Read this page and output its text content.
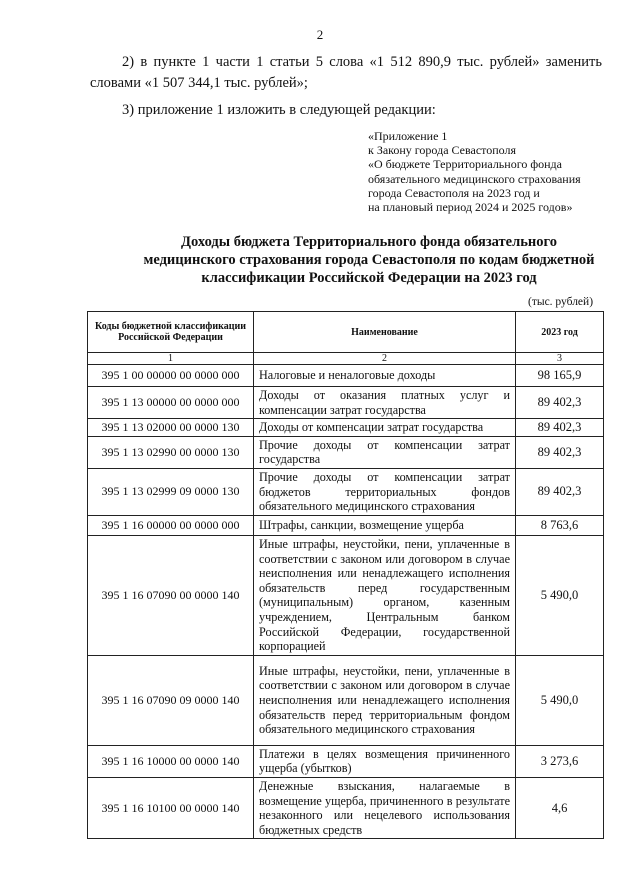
2
2) в пункте 1 части 1 статьи 5 слова «1 512 890,9 тыс. рублей» заменить словами «1 507 344,1 тыс. рублей»;
3) приложение 1 изложить в следующей редакции:
«Приложение 1
к Закону города Севастополя
«О бюджете Территориального фонда
обязательного медицинского страхования
города Севастополя на 2023 год и
на плановый период 2024 и 2025 годов»
Доходы бюджета Территориального фонда обязательного
медицинского страхования города Севастополя по кодам бюджетной
классификации Российской Федерации на 2023 год
(тыс. рублей)
Коды бюджетной классификации Российской Федерации	Наименование	2023 год
1	2	3
395 1 00 00000 00 0000 000	Налоговые и неналоговые доходы	98 165,9
395 1 13 00000 00 0000 000	Доходы от оказания платных услуг и компенсации затрат государства	89 402,3
395 1 13 02000 00 0000 130	Доходы от компенсации затрат государства	89 402,3
395 1 13 02990 00 0000 130	Прочие доходы от компенсации затрат государства	89 402,3
395 1 13 02999 09 0000 130	Прочие доходы от компенсации затрат бюджетов территориальных фондов обязательного медицинского страхования	89 402,3
395 1 16 00000 00 0000 000	Штрафы, санкции, возмещение ущерба	8 763,6
395 1 16 07090 00 0000 140	Иные штрафы, неустойки, пени, уплаченные в соответствии с законом или договором в случае неисполнения или ненадлежащего исполнения обязательств перед государственным (муниципальным) органом, казенным учреждением, Центральным банком Российской Федерации, государственной корпорацией	5 490,0
395 1 16 07090 09 0000 140	Иные штрафы, неустойки, пени, уплаченные в соответствии с законом или договором в случае неисполнения или ненадлежащего исполнения обязательств перед территориальным фондом обязательного медицинского страхования	5 490,0
395 1 16 10000 00 0000 140	Платежи в целях возмещения причиненного ущерба (убытков)	3 273,6
395 1 16 10100 00 0000 140	Денежные взыскания, налагаемые в возмещение ущерба, причиненного в результате незаконного или нецелевого использования бюджетных средств	4,6
